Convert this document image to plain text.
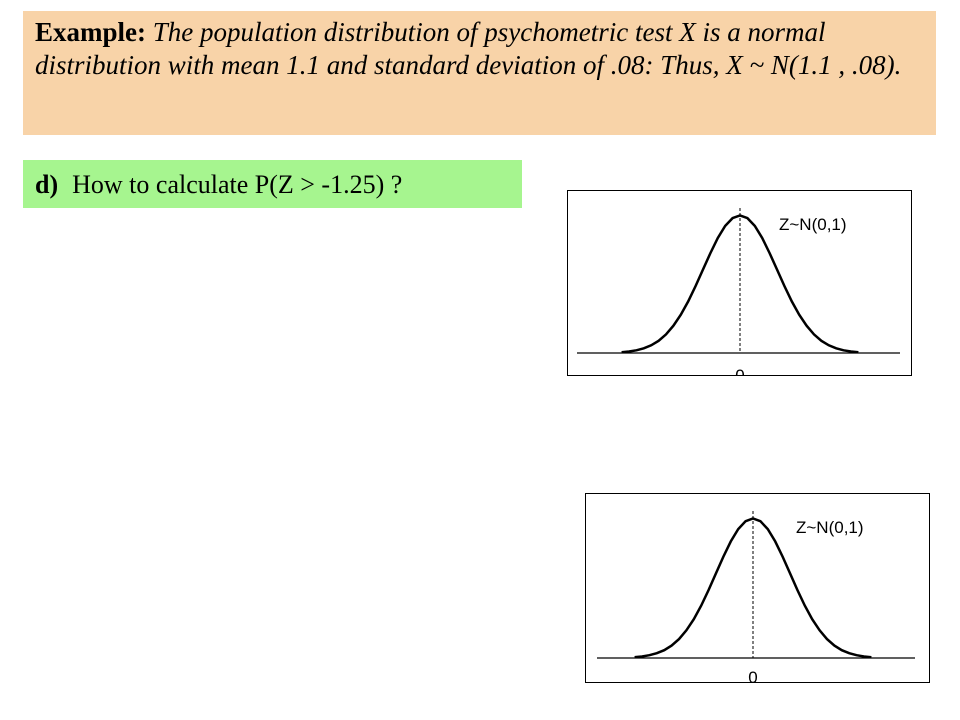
Example: The population distribution of psychometric test X is a normal distribution with mean 1.1 and standard deviation of .08: Thus, X ~ N(1.1 , .08).
d) How to calculate P(Z > -1.25) ?
0
Z~N(0,1)
0
Z~N(0,1)
